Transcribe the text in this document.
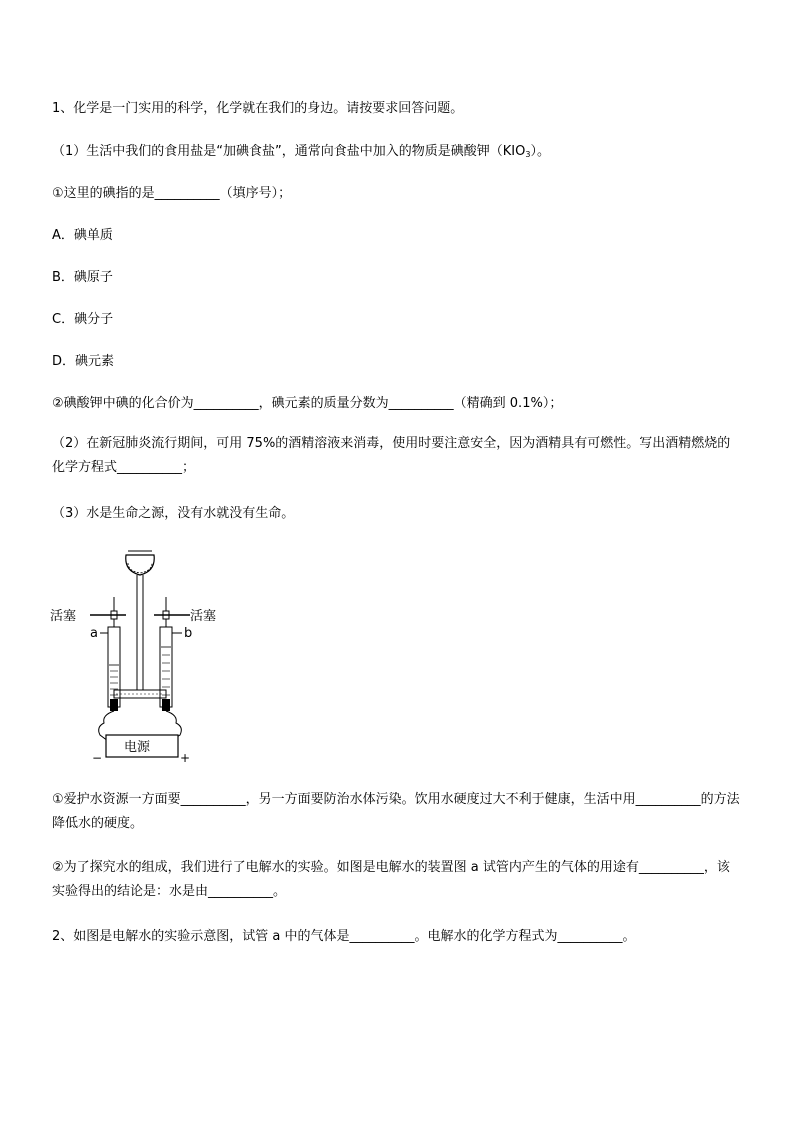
1、化学是一门实用的科学，化学就在我们的身边。请按要求回答问题。
（1）生活中我们的食用盐是“加碘食盐”，通常向食盐中加入的物质是碘酸钾$(KIO_3)$。
①这里的碘指的是__________（填序号）；
A．碘单质
B．碘原子
C．碘分子
D．碘元素
②碘酸钾中碘的化合价为__________，碘元素的质量分数为__________（精确到 0.1%）；
（2）在新冠肺炎流行期间，可用 75%的酒精溶液来消毒，使用时要注意安全，因为酒精具有可燃性。写出酒精燃烧的化学方程式__________；
（3）水是生命之源，没有水就没有生命。
活塞	活塞
a	b
电源
−	+
①爱护水资源一方面要__________，另一方面要防治水体污染。饮用水硬度过大不利于健康，生活中用__________的方法降低水的硬度。
②为了探究水的组成，我们进行了电解水的实验。如图是电解水的装置图 a 试管内产生的气体的用途有__________，该实验得出的结论是：水是由__________。
2、如图是电解水的实验示意图，试管 a 中的气体是__________。电解水的化学方程式为__________。
